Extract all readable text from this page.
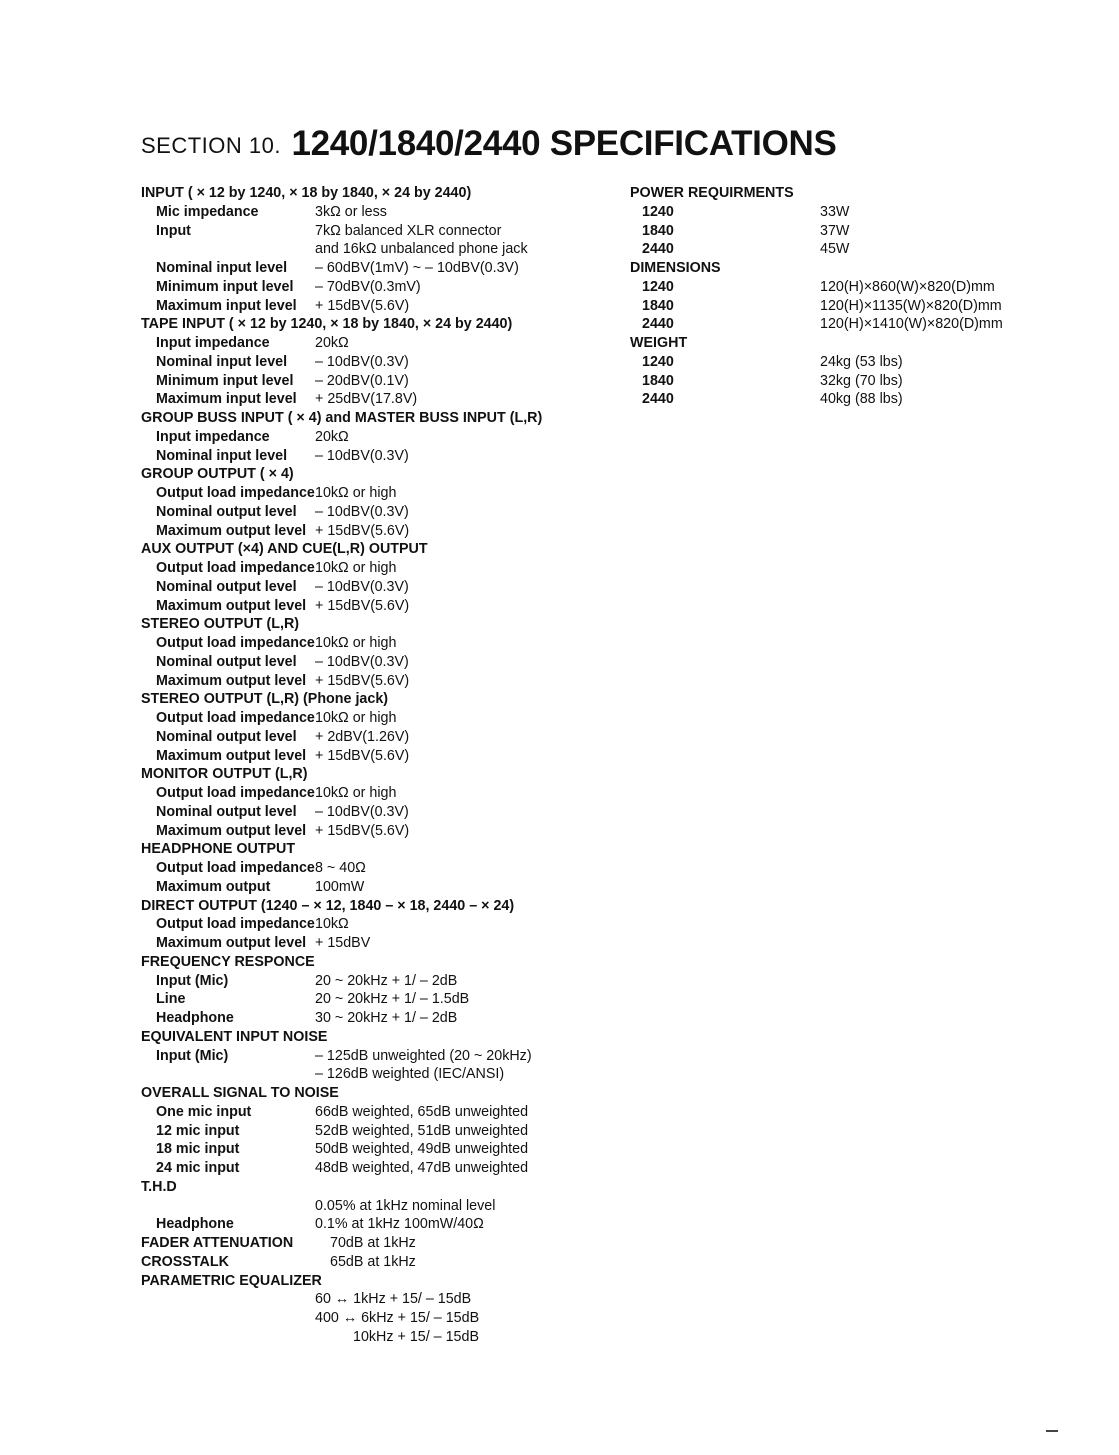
SECTION 10. 1240/1840/2440 SPECIFICATIONS
INPUT ( × 12 by 1240, × 18 by 1840, × 24 by 2440)
Mic impedance	3kΩ or less
Input	7kΩ balanced XLR connector
and 16kΩ unbalanced phone jack
Nominal input level	– 60dBV(1mV) ~ – 10dBV(0.3V)
Minimum input level	– 70dBV(0.3mV)
Maximum input level	+ 15dBV(5.6V)
TAPE INPUT ( × 12 by 1240, × 18 by 1840, × 24 by 2440)
Input impedance	20kΩ
Nominal input level	– 10dBV(0.3V)
Minimum input level	– 20dBV(0.1V)
Maximum input level	+ 25dBV(17.8V)
GROUP BUSS INPUT ( × 4) and MASTER BUSS INPUT (L,R)
Input impedance	20kΩ
Nominal input level	– 10dBV(0.3V)
GROUP OUTPUT ( × 4)
Output load impedance 10kΩ or high
Nominal output level	– 10dBV(0.3V)
Maximum output level + 15dBV(5.6V)
AUX OUTPUT (×4) AND CUE(L,R) OUTPUT
Output load impedance 10kΩ or high
Nominal output level	– 10dBV(0.3V)
Maximum output level + 15dBV(5.6V)
STEREO OUTPUT (L,R)
Output load impedance 10kΩ or high
Nominal output level	– 10dBV(0.3V)
Maximum output level + 15dBV(5.6V)
STEREO OUTPUT (L,R) (Phone jack)
Output load impedance 10kΩ or high
Nominal output level	+ 2dBV(1.26V)
Maximum output level + 15dBV(5.6V)
MONITOR OUTPUT (L,R)
Output load impedance 10kΩ or high
Nominal output level	– 10dBV(0.3V)
Maximum output level + 15dBV(5.6V)
HEADPHONE OUTPUT
Output load impedance 8 ~ 40Ω
Maximum output	100mW
DIRECT OUTPUT (1240 – × 12, 1840 – × 18, 2440 – × 24)
Output load impedance 10kΩ
Maximum output level + 15dBV
FREQUENCY RESPONCE
Input (Mic)	20 ~ 20kHz + 1/ – 2dB
Line	20 ~ 20kHz + 1/ – 1.5dB
Headphone	30 ~ 20kHz + 1/ – 2dB
EQUIVALENT INPUT NOISE
Input (Mic)	– 125dB unweighted (20 ~ 20kHz)
– 126dB weighted (IEC/ANSI)
OVERALL SIGNAL TO NOISE
One mic input	66dB weighted, 65dB unweighted
12 mic input	52dB weighted, 51dB unweighted
18 mic input	50dB weighted, 49dB unweighted
24 mic input	48dB weighted, 47dB unweighted
T.H.D
0.05% at 1kHz nominal level
Headphone	0.1% at 1kHz 100mW/40Ω
FADER ATTENUATION	70dB at 1kHz
CROSSTALK	65dB at 1kHz
PARAMETRIC EQUALIZER
60 ↔ 1kHz + 15/ – 15dB
400 ↔ 6kHz + 15/ – 15dB
10kHz + 15/ – 15dB
POWER REQUIRMENTS
1240	33W
1840	37W
2440	45W
DIMENSIONS
1240	120(H)×860(W)×820(D)mm
1840	120(H)×1135(W)×820(D)mm
2440	120(H)×1410(W)×820(D)mm
WEIGHT
1240	24kg (53 lbs)
1840	32kg (70 lbs)
2440	40kg (88 lbs)
